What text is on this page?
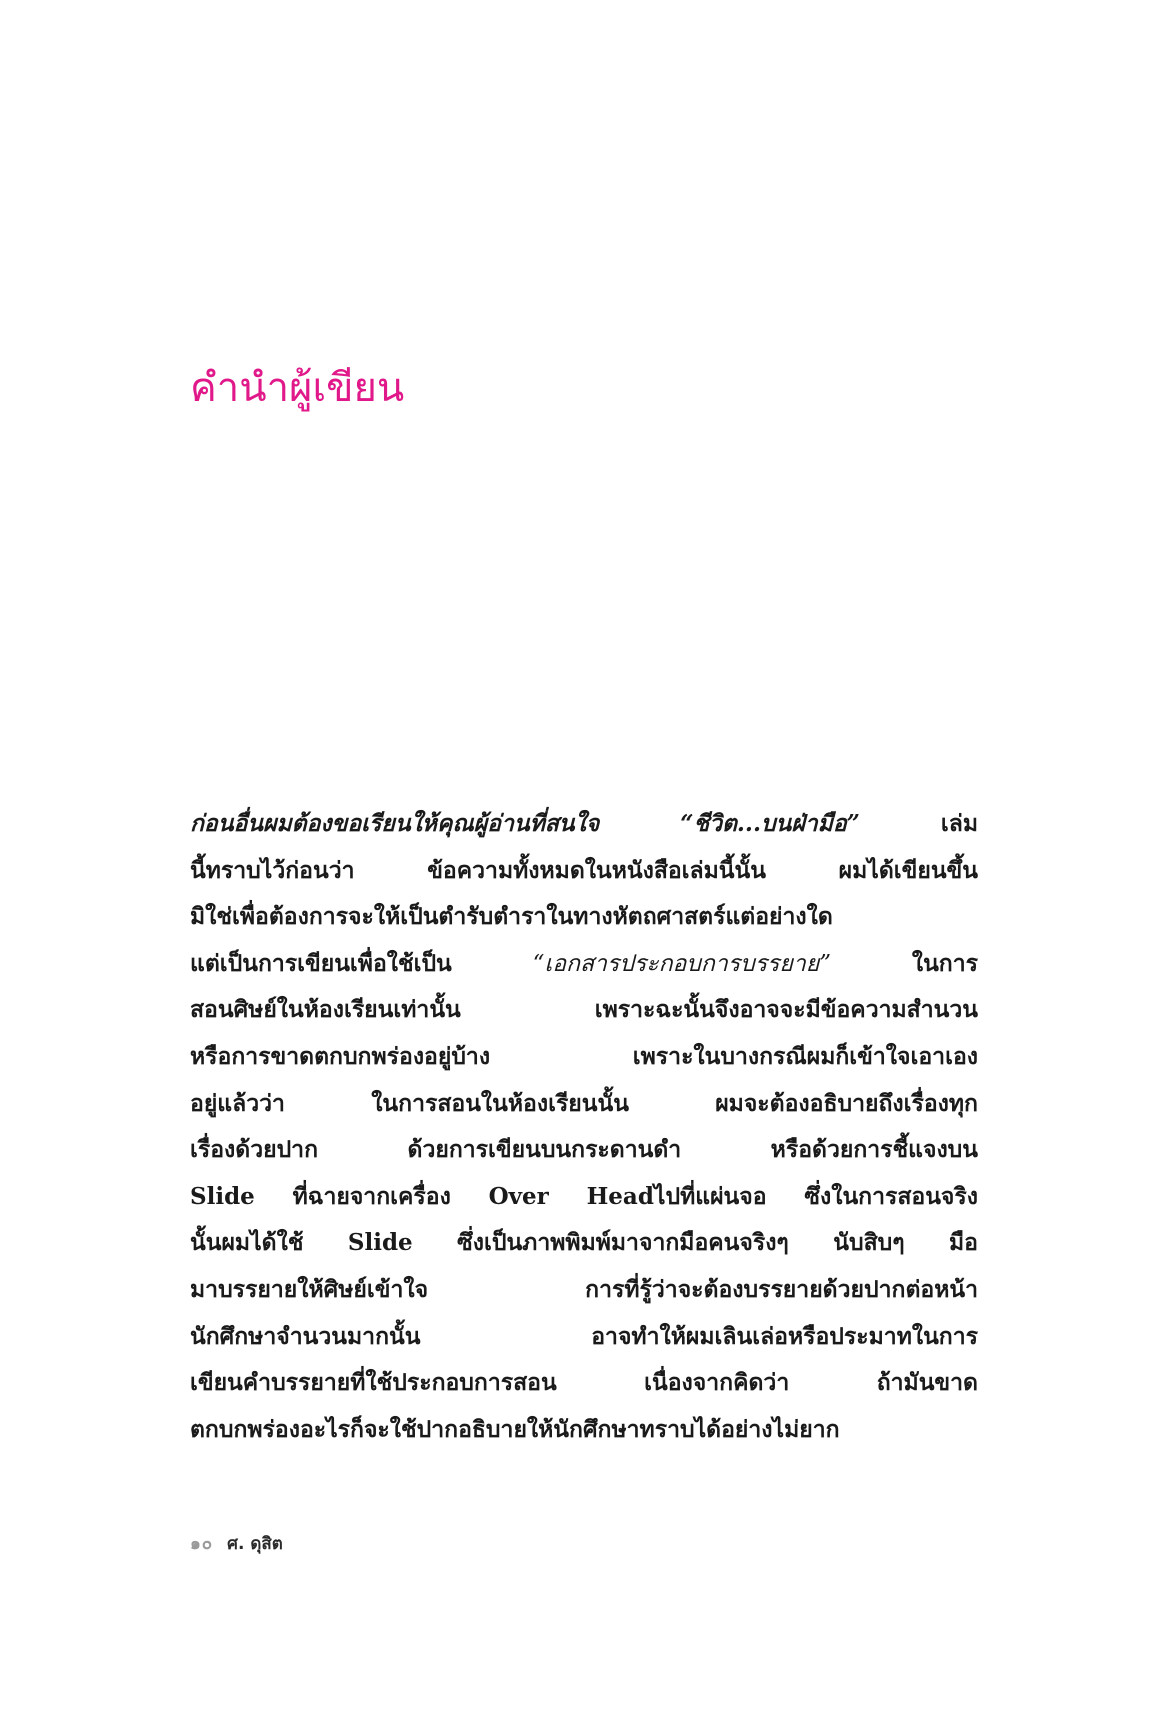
คำนำผู้เขียน
ก่อนอื่นผมต้องขอเรียนให้คุณผู้อ่านที่สนใจ “ชีวิต...บนฝ่ามือ” เล่ม
นี้ทราบไว้ก่อนว่า ข้อความทั้งหมดในหนังสือเล่มนี้นั้น ผมได้เขียนขึ้น
มิใช่เพื่อต้องการจะให้เป็นตำรับตำราในทางหัตถศาสตร์แต่อย่างใด
แต่เป็นการเขียนเพื่อใช้เป็น “เอกสารประกอบการบรรยาย” ในการ
สอนศิษย์ในห้องเรียนเท่านั้น เพราะฉะนั้นจึงอาจจะมีข้อความสำนวน
หรือการขาดตกบกพร่องอยู่บ้าง เพราะในบางกรณีผมก็เข้าใจเอาเอง
อยู่แล้วว่า ในการสอนในห้องเรียนนั้น ผมจะต้องอธิบายถึงเรื่องทุก
เรื่องด้วยปาก ด้วยการเขียนบนกระดานดำ หรือด้วยการชี้แจงบน
Slide ที่ฉายจากเครื่อง Over Headไปที่แผ่นจอ ซึ่งในการสอนจริง
นั้นผมได้ใช้ Slide ซึ่งเป็นภาพพิมพ์มาจากมือคนจริงๆ นับสิบๆ มือ
มาบรรยายให้ศิษย์เข้าใจ การที่รู้ว่าจะต้องบรรยายด้วยปากต่อหน้า
นักศึกษาจำนวนมากนั้น อาจทำให้ผมเลินเล่อหรือประมาทในการ
เขียนคำบรรยายที่ใช้ประกอบการสอน เนื่องจากคิดว่า ถ้ามันขาด
ตกบกพร่องอะไรก็จะใช้ปากอธิบายให้นักศึกษาทราบได้อย่างไม่ยาก
๑๐ ศ. ดุสิต
